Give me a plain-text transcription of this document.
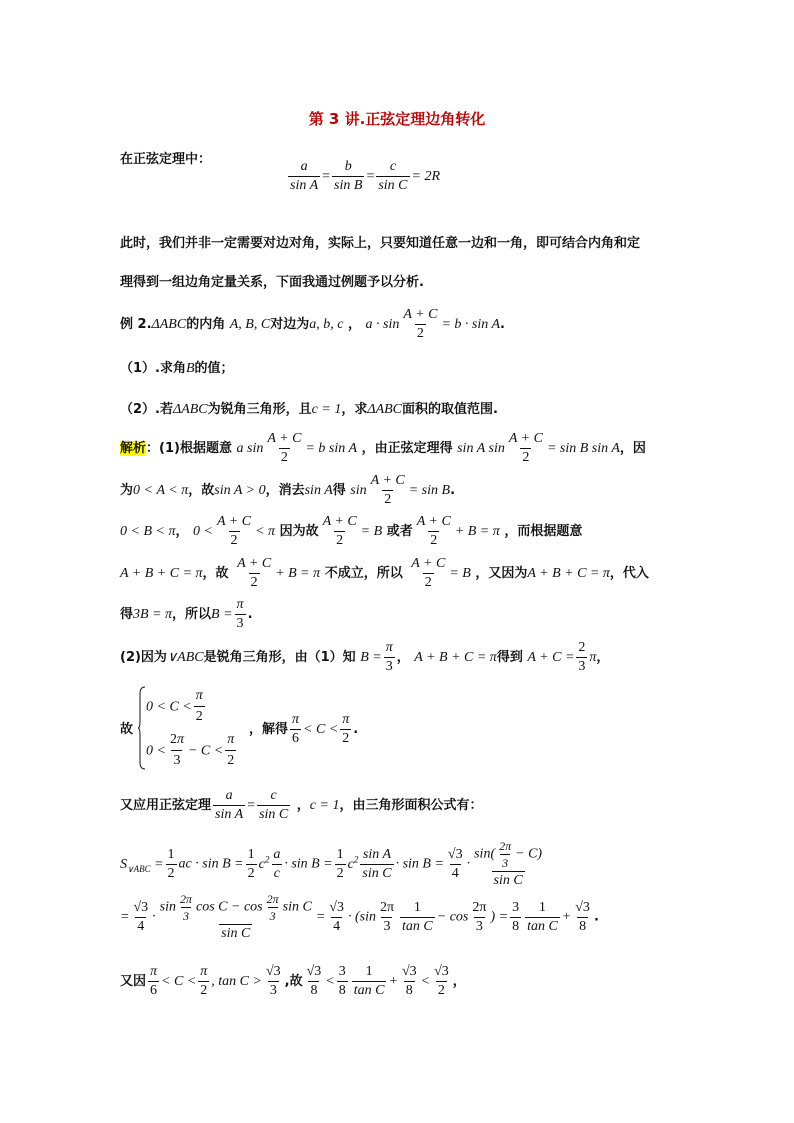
第 3 讲.正弦定理边角转化
在正弦定理中：
$\frac{a}{\text{sin A}} = \frac{b}{\text{sin B}} = \frac{c}{\text{sin C}} = 2R$
此时，我们并非一定需要对边对角，实际上，只要知道任意一边和一角，即可结合内角和定
理得到一组边角定量关系，下面我通过例题予以分析.
例 2.ΔABC的内角 A, B, C对边为a, b, c ， $a \cdot \sin \frac{A + C}{2} = b \cdot \sin A$.
（1）.求角B的值；
（2）.若ΔABC为锐角三角形，且c = 1，求ΔABC面积的取值范围.
解析：(1)根据题意 a $\sin \frac{A + C}{2} = b$ sin A ，由正弦定理得 sin A $\sin \frac{A + C}{2} = \sin B$ sin A，因
为0 < A < π，故sin A > 0，消去sin A得 $\sin \frac{A + C}{2} = \sin B$.
0 < B < π， $0 < \frac{A + C}{2} < \pi$ 因为故 $\frac{A + C}{2} = B$ 或者 $\frac{A + C}{2} + B = \pi$ ，而根据题意
A + B + C = π，故 $\frac{A + C}{2} + B = \pi$ 不成立，所以 $\frac{A + C}{2} = B$ ，又因为A + B + C = π，代入
得3B = π，所以$B = \frac{\pi}{3}$ .
(2)因为∨ABC是锐角三角形，由（1）知 $B = \frac{\pi}{3}$ ， A + B + C = π得到 $A + C = \frac{2}{3}$ π，
故
$0 < C < \frac{\pi}{2}$
$0 < \frac{2\pi}{3} - C < \frac{\pi}{2}$
，解得 $\frac{\pi}{6} < C < \frac{\pi}{2}$ .
又应用正弦定理 $\frac{a}{\text{sin A}} = \frac{c}{\text{sin C}}$ ，c = 1，由三角形面积公式有：
$S_{\vee ABC} = \frac{1}{2}$ ac · $\sin B = \frac{1}{2} c^2 \frac{a}{c} \cdot \sin B = \frac{1}{2} c^2 \frac{\text{sin A}}{\text{sin C}} \cdot \sin B = \frac{√3}{4} \cdot \frac{\sin( \frac{2\pi}{3} - C)}{\text{sin C}}$
= $\frac{√3}{4} \cdot \frac{\sin \frac{2\pi}{3} \cos C - \cos \frac{2\pi}{3} \sin C}{\text{sin C}} = \frac{√3}{4} \cdot (\sin \frac{2\pi}{3} \frac{1}{\text{tan C}} - \cos \frac{2\pi}{3}$ ) = $\frac{3}{8} \frac{1}{\text{tan C}} + \frac{√3}{8}$ .
又因 $\frac{\pi}{6} < C < \frac{\pi}{2}$ , $\tan C > \frac{√3}{3}$ ,故 $\frac{√3}{8} < \frac{3}{8} \frac{1}{\text{tan C}} + \frac{√3}{8} < \frac{√3}{2}$ ，
